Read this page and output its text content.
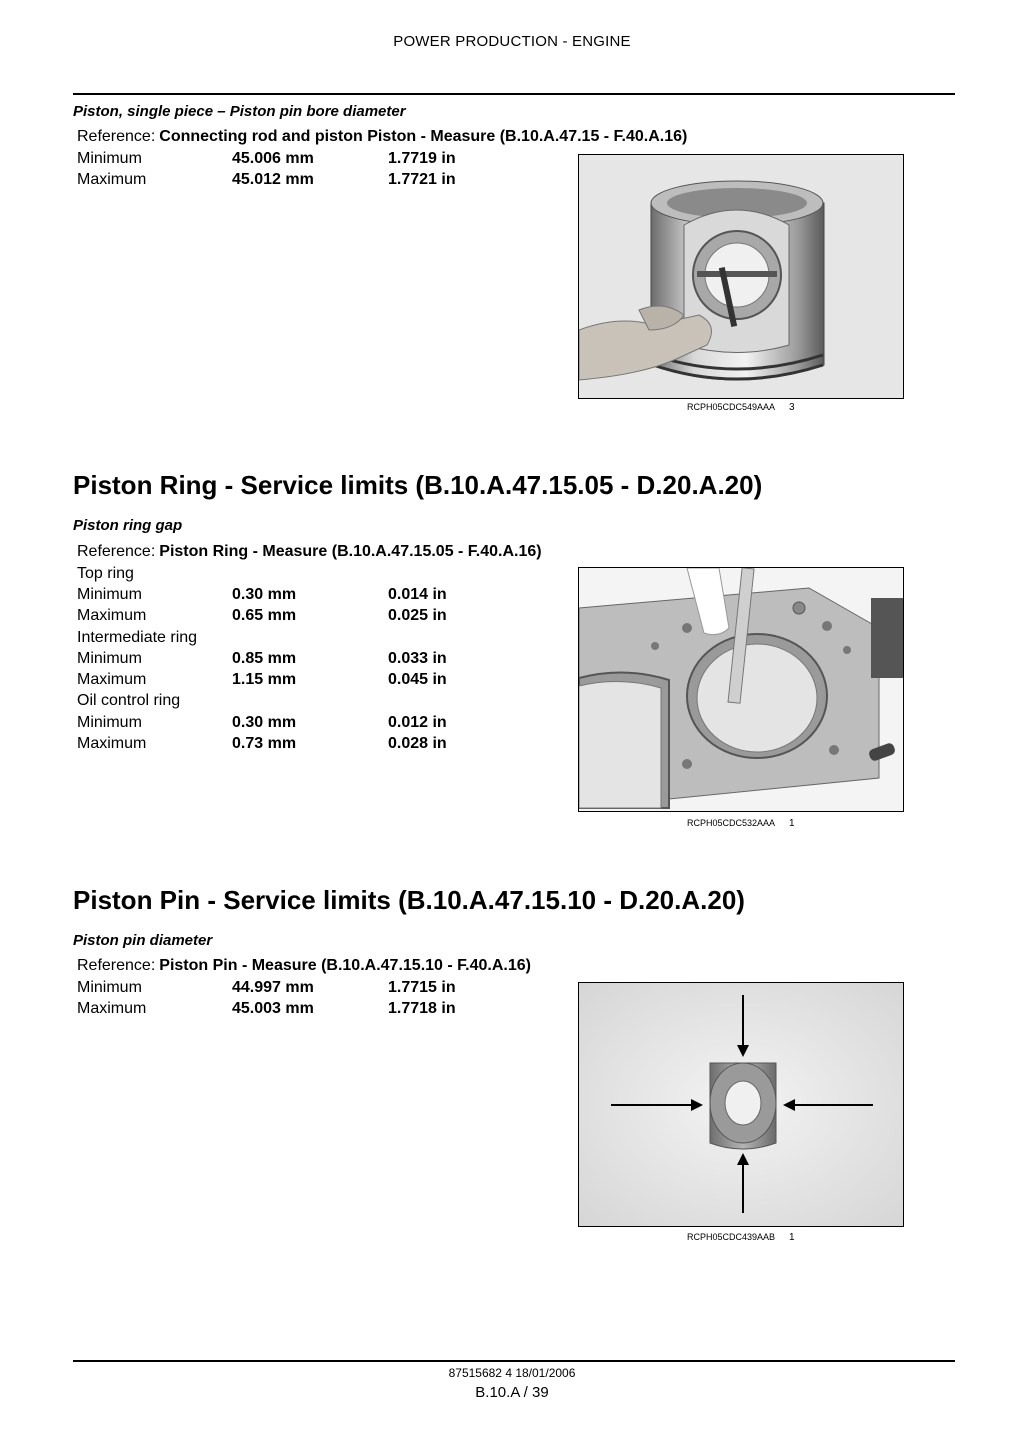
POWER PRODUCTION - ENGINE
Piston, single piece – Piston pin bore diameter
Reference: Connecting rod and piston Piston - Measure (B.10.A.47.15 - F.40.A.16)
Minimum	45.006 mm	1.7719 in
Maximum	45.012 mm	1.7721 in
RCPH05CDC549AAA 3
Piston Ring - Service limits (B.10.A.47.15.05 - D.20.A.20)
Piston ring gap
Reference: Piston Ring - Measure (B.10.A.47.15.05 - F.40.A.16)
Top ring
Minimum	0.30 mm	0.014 in
Maximum	0.65 mm	0.025 in
Intermediate ring
Minimum	0.85 mm	0.033 in
Maximum	1.15 mm	0.045 in
Oil control ring
Minimum	0.30 mm	0.012 in
Maximum	0.73 mm	0.028 in
RCPH05CDC532AAA 1
Piston Pin - Service limits (B.10.A.47.15.10 - D.20.A.20)
Piston pin diameter
Reference: Piston Pin - Measure (B.10.A.47.15.10 - F.40.A.16)
Minimum	44.997 mm	1.7715 in
Maximum	45.003 mm	1.7718 in
RCPH05CDC439AAB 1
87515682 4 18/01/2006
B.10.A / 39
